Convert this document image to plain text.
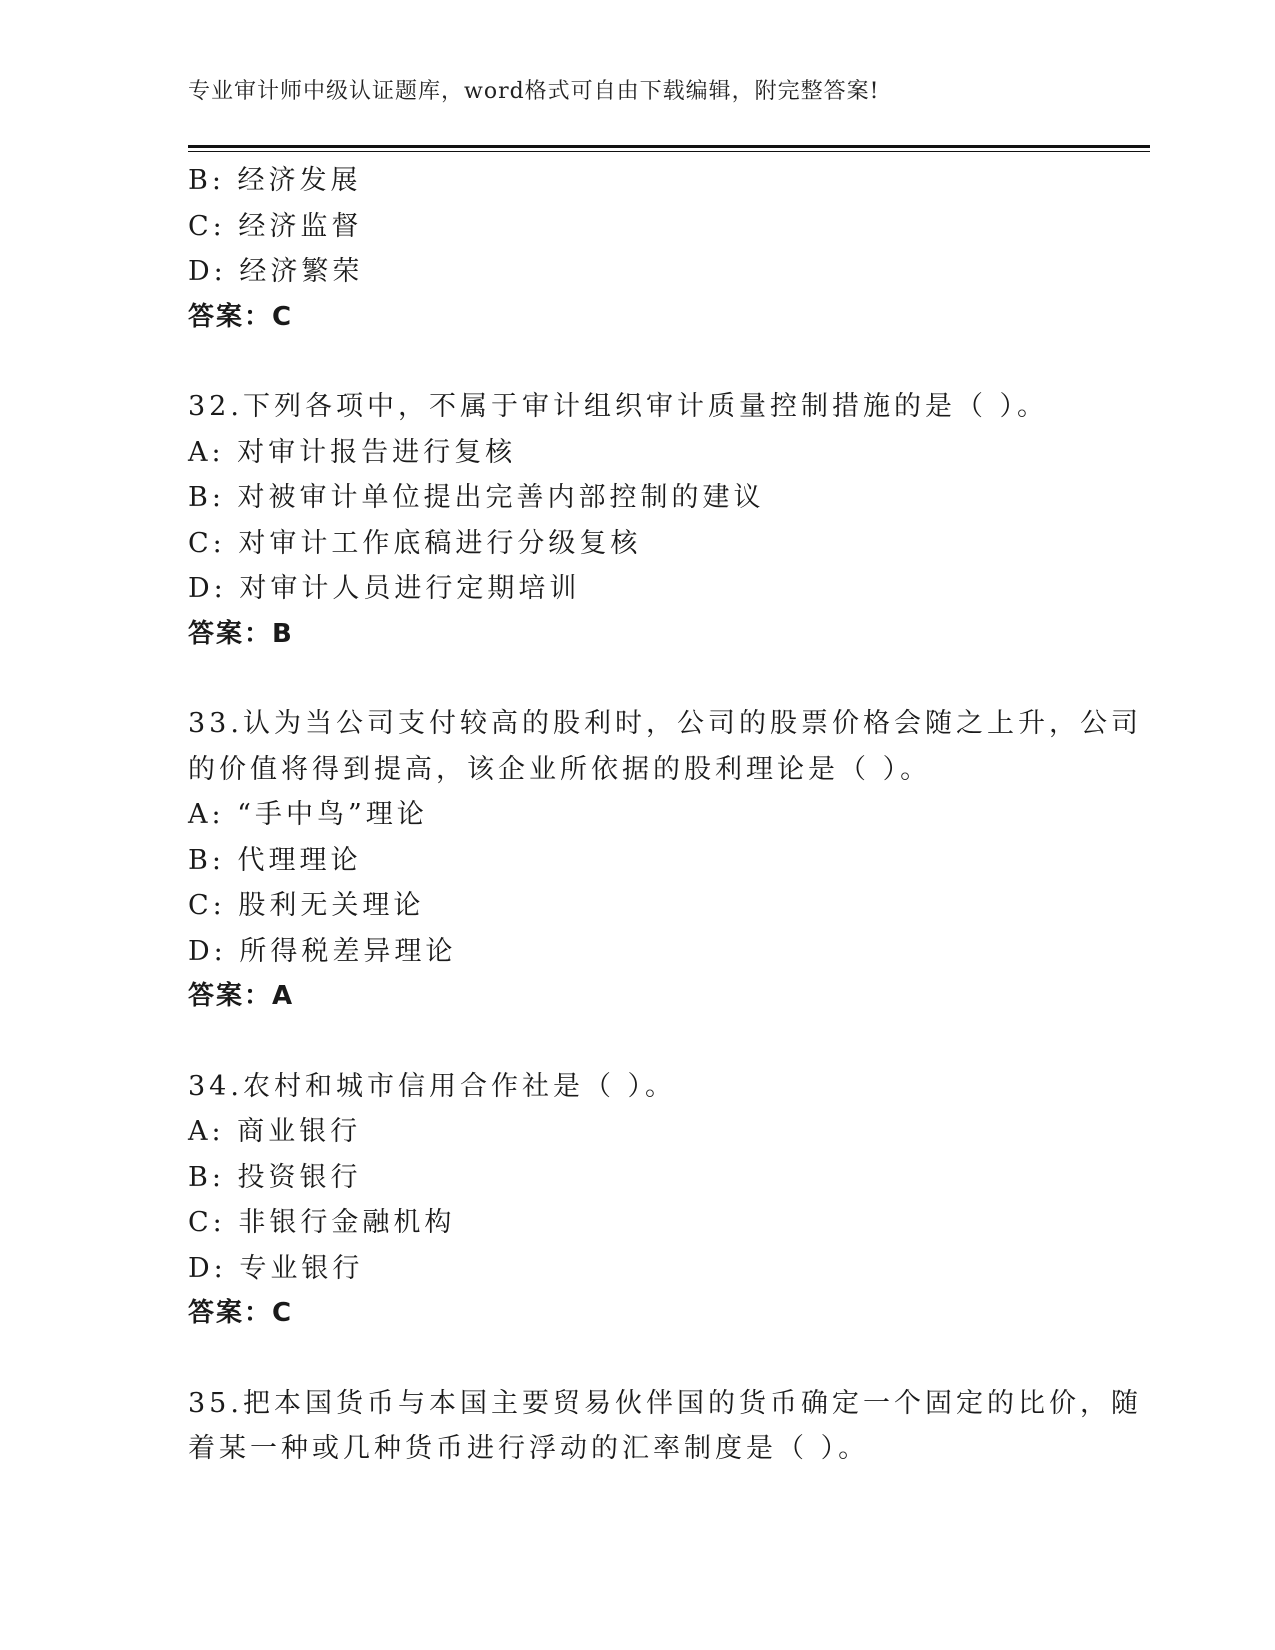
专业审计师中级认证题库，word格式可自由下载编辑，附完整答案!

B: 经济发展

C: 经济监督

D: 经济繁荣

答案：C

32.下列各项中，不属于审计组织审计质量控制措施的是（ ）。

A: 对审计报告进行复核

B: 对被审计单位提出完善内部控制的建议

C: 对审计工作底稿进行分级复核

D: 对审计人员进行定期培训

答案：B

33.认为当公司支付较高的股利时，公司的股票价格会随之上升，公司

的价值将得到提高，该企业所依据的股利理论是（ ）。

A: “手中鸟”理论

B: 代理理论

C: 股利无关理论

D: 所得税差异理论

答案：A

34.农村和城市信用合作社是（ ）。

A: 商业银行

B: 投资银行

C: 非银行金融机构

D: 专业银行

答案：C

35.把本国货币与本国主要贸易伙伴国的货币确定一个固定的比价，随

着某一种或几种货币进行浮动的汇率制度是（ ）。
